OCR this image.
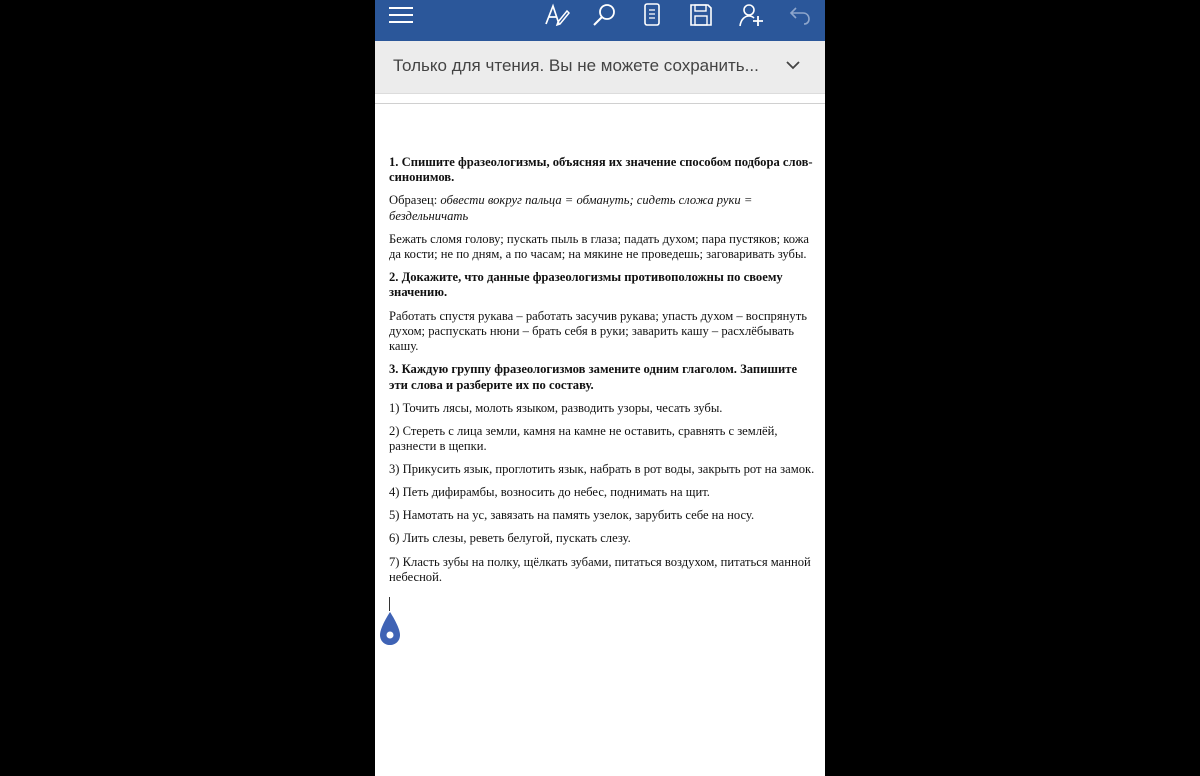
Только для чтения. Вы не можете сохранить...

1. Спишите фразеологизмы, объясняя их значение способом подбора слов-синонимов.

Образец: обвести вокруг пальца = обмануть; сидеть сложа руки = бездельничать

Бежать сломя голову; пускать пыль в глаза; падать духом; пара пустяков; кожа да кости; не по дням, а по часам; на мякине не проведешь; заговаривать зубы.

2. Докажите, что данные фразеологизмы противоположны по своему значению.

Работать спустя рукава – работать засучив рукава; упасть духом – воспрянуть духом; распускать нюни – брать себя в руки; заварить кашу – расхлёбывать кашу.

3. Каждую группу фразеологизмов замените одним глаголом. Запишите эти слова и разберите их по составу.

1) Точить лясы, молоть языком, разводить узоры, чесать зубы.

2) Стереть с лица земли, камня на камне не оставить, сравнять с землёй, разнести в щепки.

3) Прикусить язык, проглотить язык, набрать в рот воды, закрыть рот на замок.

4) Петь дифирамбы, возносить до небес, поднимать на щит.

5) Намотать на ус, завязать на память узелок, зарубить себе на носу.

6) Лить слезы, реветь белугой, пускать слезу.

7) Класть зубы на полку, щёлкать зубами, питаться воздухом, питаться манной небесной.
